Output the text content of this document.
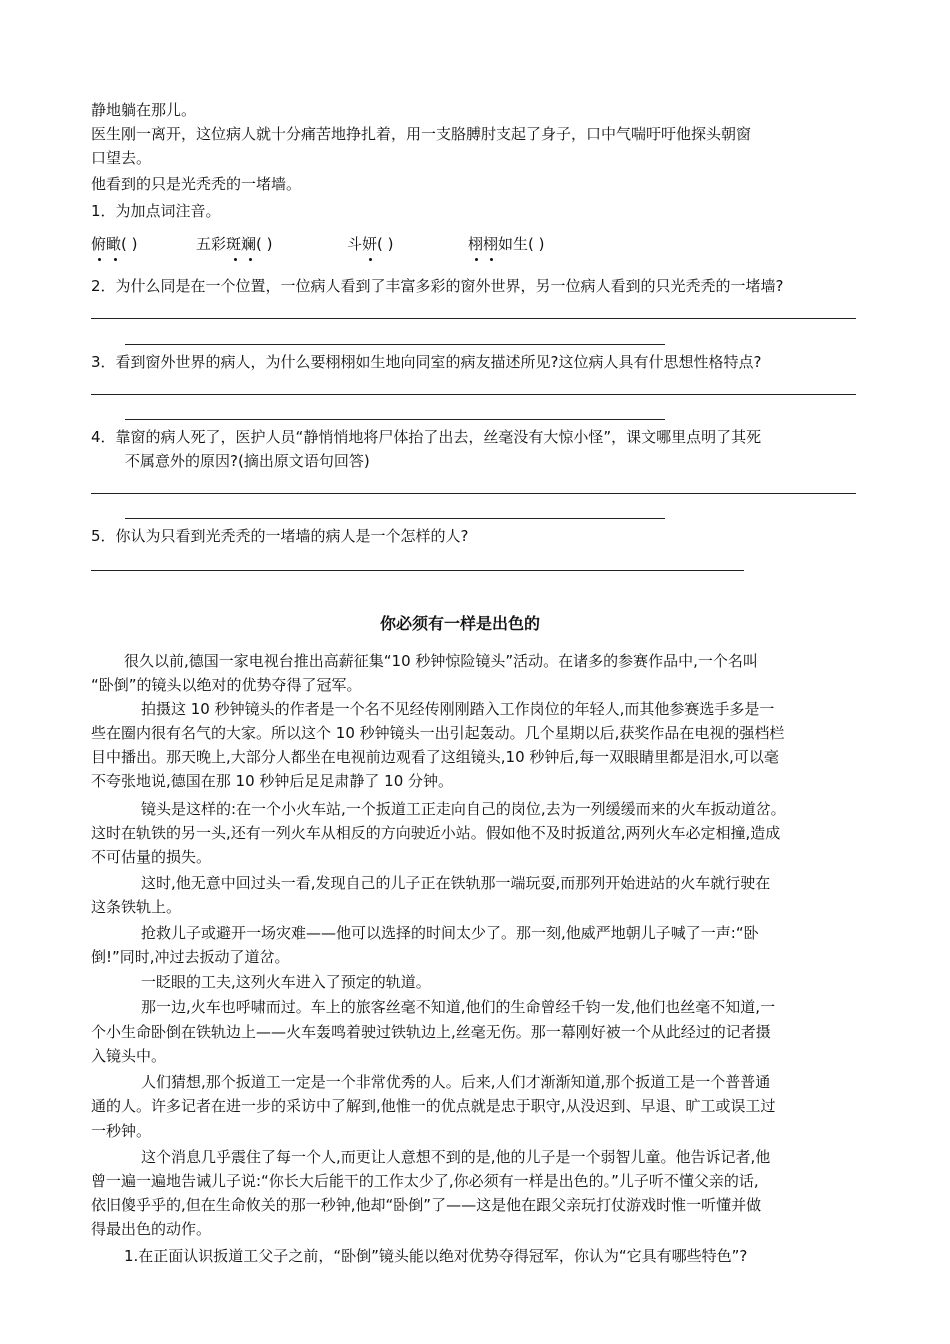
静地躺在那儿。
医生刚一离开，这位病人就十分痛苦地挣扎着，用一支胳膊肘支起了身子，口中气喘吁吁他探头朝窗
口望去。
他看到的只是光秃秃的一堵墙。
1．为加点词注音。
俯瞰( )	五彩斑斓( )	斗妍( )	栩栩如生( )
2．为什么同是在一个位置，一位病人看到了丰富多彩的窗外世界，另一位病人看到的只光秃秃的一堵墙?
3．看到窗外世界的病人，为什么要栩栩如生地向同室的病友描述所见?这位病人具有什思想性格特点?
4．靠窗的病人死了，医护人员“静悄悄地将尸体抬了出去，丝毫没有大惊小怪”，课文哪里点明了其死
不属意外的原因?(摘出原文语句回答)
5．你认为只看到光秃秃的一堵墙的病人是一个怎样的人?
你必须有一样是出色的
很久以前,德国一家电视台推出高薪征集“10 秒钟惊险镜头”活动。在诸多的参赛作品中,一个名叫
“卧倒”的镜头以绝对的优势夺得了冠军。
拍摄这 10 秒钟镜头的作者是一个名不见经传刚刚踏入工作岗位的年轻人,而其他参赛选手多是一
些在圈内很有名气的大家。所以这个 10 秒钟镜头一出引起轰动。几个星期以后,获奖作品在电视的强档栏
目中播出。那天晚上,大部分人都坐在电视前边观看了这组镜头,10 秒钟后,每一双眼睛里都是泪水,可以毫
不夸张地说,德国在那 10 秒钟后足足肃静了 10 分钟。
镜头是这样的:在一个小火车站,一个扳道工正走向自己的岗位,去为一列缓缓而来的火车扳动道岔。
这时在轨铁的另一头,还有一列火车从相反的方向驶近小站。假如他不及时扳道岔,两列火车必定相撞,造成
不可估量的损失。
这时,他无意中回过头一看,发现自己的儿子正在铁轨那一端玩耍,而那列开始进站的火车就行驶在
这条铁轨上。
抢救儿子或避开一场灾难——他可以选择的时间太少了。那一刻,他威严地朝儿子喊了一声:“卧
倒!”同时,冲过去扳动了道岔。
一眨眼的工夫,这列火车进入了预定的轨道。
那一边,火车也呼啸而过。车上的旅客丝毫不知道,他们的生命曾经千钧一发,他们也丝毫不知道,一
个小生命卧倒在铁轨边上——火车轰鸣着驶过铁轨边上,丝毫无伤。那一幕刚好被一个从此经过的记者摄
入镜头中。
人们猜想,那个扳道工一定是一个非常优秀的人。后来,人们才渐渐知道,那个扳道工是一个普普通
通的人。许多记者在进一步的采访中了解到,他惟一的优点就是忠于职守,从没迟到、早退、旷工或误工过
一秒钟。
这个消息几乎震住了每一个人,而更让人意想不到的是,他的儿子是一个弱智儿童。他告诉记者,他
曾一遍一遍地告诫儿子说:“你长大后能干的工作太少了,你必须有一样是出色的。”儿子听不懂父亲的话,
依旧傻乎乎的,但在生命攸关的那一秒钟,他却“卧倒”了——这是他在跟父亲玩打仗游戏时惟一听懂并做
得最出色的动作。
1.在正面认识扳道工父子之前，“卧倒”镜头能以绝对优势夺得冠军，你认为“它具有哪些特色”?
